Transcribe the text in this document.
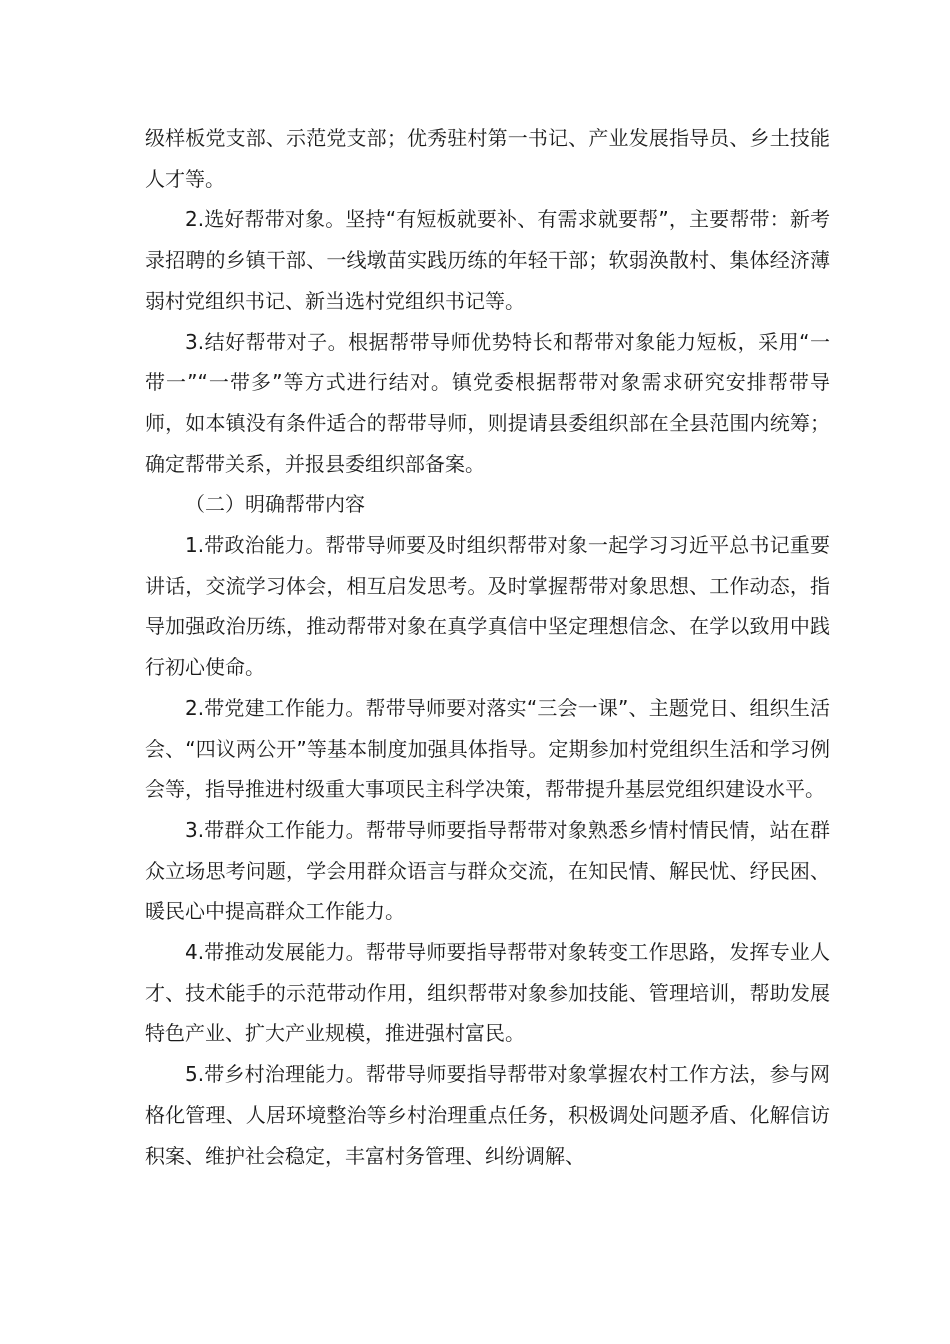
级样板党支部、示范党支部；优秀驻村第一书记、产业发展指导员、乡土技能人才等。

2.选好帮带对象。坚持“有短板就要补、有需求就要帮”，主要帮带：新考录招聘的乡镇干部、一线墩苗实践历练的年轻干部；软弱涣散村、集体经济薄弱村党组织书记、新当选村党组织书记等。

3.结好帮带对子。根据帮带导师优势特长和帮带对象能力短板，采用“一带一”“一带多”等方式进行结对。镇党委根据帮带对象需求研究安排帮带导师，如本镇没有条件适合的帮带导师，则提请县委组织部在全县范围内统筹；确定帮带关系，并报县委组织部备案。

（二）明确帮带内容

1.带政治能力。帮带导师要及时组织帮带对象一起学习习近平总书记重要讲话，交流学习体会，相互启发思考。及时掌握帮带对象思想、工作动态，指导加强政治历练，推动帮带对象在真学真信中坚定理想信念、在学以致用中践行初心使命。

2.带党建工作能力。帮带导师要对落实“三会一课”、主题党日、组织生活会、“四议两公开”等基本制度加强具体指导。定期参加村党组织生活和学习例会等，指导推进村级重大事项民主科学决策，帮带提升基层党组织建设水平。

3.带群众工作能力。帮带导师要指导帮带对象熟悉乡情村情民情，站在群众立场思考问题，学会用群众语言与群众交流，在知民情、解民忧、纾民困、暖民心中提高群众工作能力。

4.带推动发展能力。帮带导师要指导帮带对象转变工作思路，发挥专业人才、技术能手的示范带动作用，组织帮带对象参加技能、管理培训，帮助发展特色产业、扩大产业规模，推进强村富民。

5.带乡村治理能力。帮带导师要指导帮带对象掌握农村工作方法，参与网格化管理、人居环境整治等乡村治理重点任务，积极调处问题矛盾、化解信访积案、维护社会稳定，丰富村务管理、纠纷调解、
